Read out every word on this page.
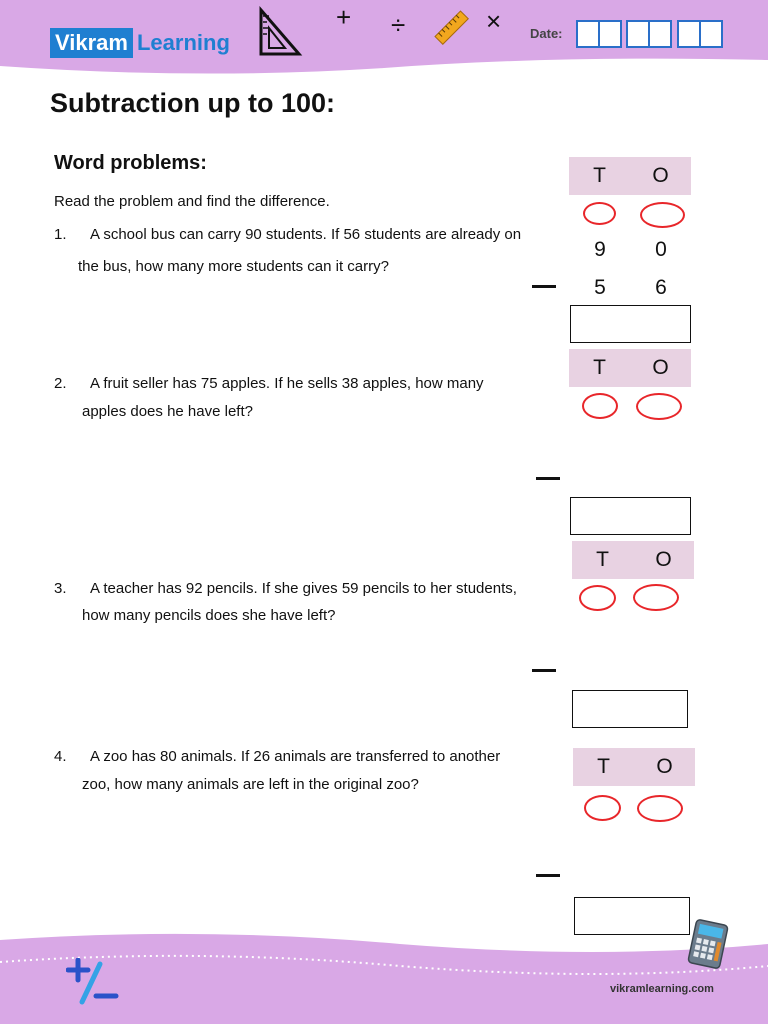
Vikram Learning
+ ÷	× Date:
Subtraction up to 100:
Word problems:
Read the problem and find the difference.
1. A school bus can carry 90 students. If 56 students are already on
the bus, how many more students can it carry?
2. A fruit seller has 75 apples. If he sells 38 apples, how many
apples does he have left?
3. A teacher has 92 pencils. If she gives 59 pencils to her students,
how many pencils does she have left?
4. A zoo has 80 animals. If 26 animals are transferred to another
zoo, how many animals are left in the original zoo?
T	O
9	0
5	6
T	O
T	O
T	O
vikramlearning.com
